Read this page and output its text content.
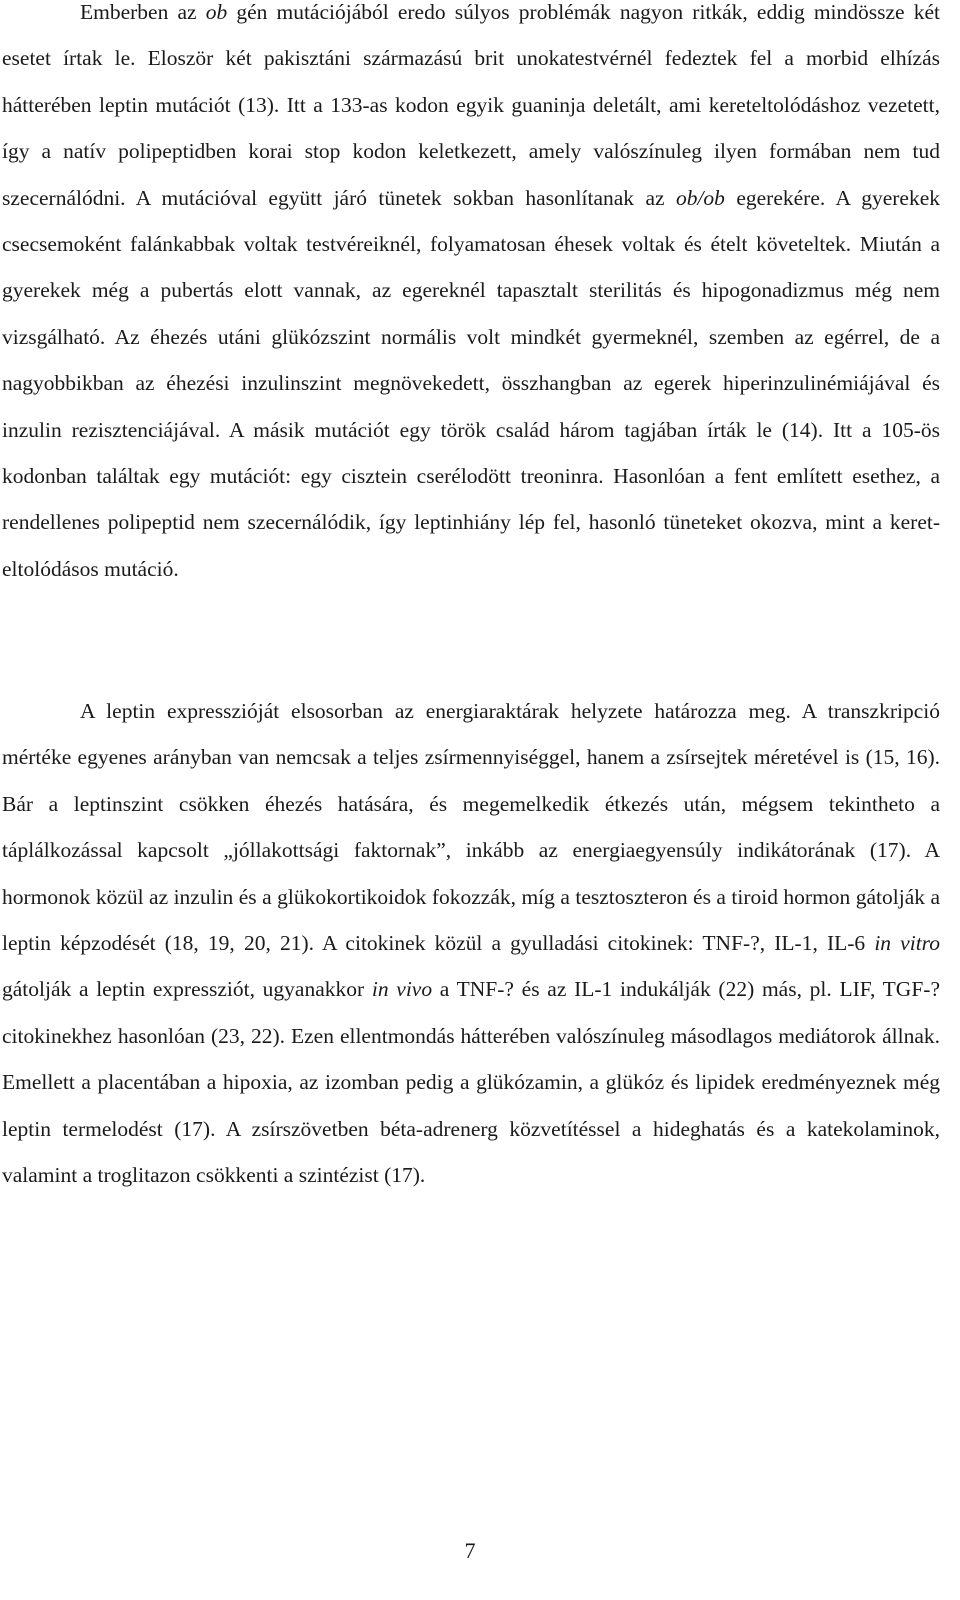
Emberben az ob gén mutációjából eredo súlyos problémák nagyon ritkák, eddig mindössze két esetet írtak le. Eloször két pakisztáni származású brit unokatestvérnél fedeztek fel a morbid elhízás hátterében leptin mutációt (13). Itt a 133-as kodon egyik guaninja deletált, ami kereteltolódáshoz vezetett, így a natív polipeptidben korai stop kodon keletkezett, amely valószínuleg ilyen formában nem tud szecernálódni. A mutációval együtt járó tünetek sokban hasonlítanak az ob/ob egerekére. A gyerekek csecsemoként falánkabbak voltak testvéreiknél, folyamatosan éhesek voltak és ételt követeltek. Miután a gyerekek még a pubertás elott vannak, az egereknél tapasztalt sterilitás és hipogonadizmus még nem vizsgálható. Az éhezés utáni glükózszint normális volt mindkét gyermeknél, szemben az egérrel, de a nagyobbikban az éhezési inzulinszint megnövekedett, összhangban az egerek hiperinzulinémiájával és inzulin rezisztenciájával. A másik mutációt egy török család három tagjában írták le (14). Itt a 105-ös kodonban találtak egy mutációt: egy cisztein cserélodött treoninra. Hasonlóan a fent említett esethez, a rendellenes polipeptid nem szecernálódik, így leptinhiány lép fel, hasonló tüneteket okozva, mint a keret-eltolódásos mutáció.

A leptin expresszióját elsosorban az energiaraktárak helyzete határozza meg. A transzkripció mértéke egyenes arányban van nemcsak a teljes zsírmennyiséggel, hanem a zsírsejtek méretével is (15, 16). Bár a leptinszint csökken éhezés hatására, és megemelkedik étkezés után, mégsem tekintheto a táplálkozással kapcsolt „jóllakottsági faktornak”, inkább az energiaegyensúly indikátorának (17). A hormonok közül az inzulin és a glükokortikoidok fokozzák, míg a tesztoszteron és a tiroid hormon gátolják a leptin képzodését (18, 19, 20, 21). A citokinek közül a gyulladási citokinek: TNF-?, IL-1, IL-6 in vitro gátolják a leptin expressziót, ugyanakkor in vivo a TNF-? és az IL-1 indukálják (22) más, pl. LIF, TGF-? citokinekhez hasonlóan (23, 22). Ezen ellentmondás hátterében valószínuleg másodlagos mediátorok állnak. Emellett a placentában a hipoxia, az izomban pedig a glükózamin, a glükóz és lipidek eredményeznek még leptin termelodést (17). A zsírszövetben béta-adrenerg közvetítéssel a hideghatás és a katekolaminok, valamint a troglitazon csökkenti a szintézist (17).

7
